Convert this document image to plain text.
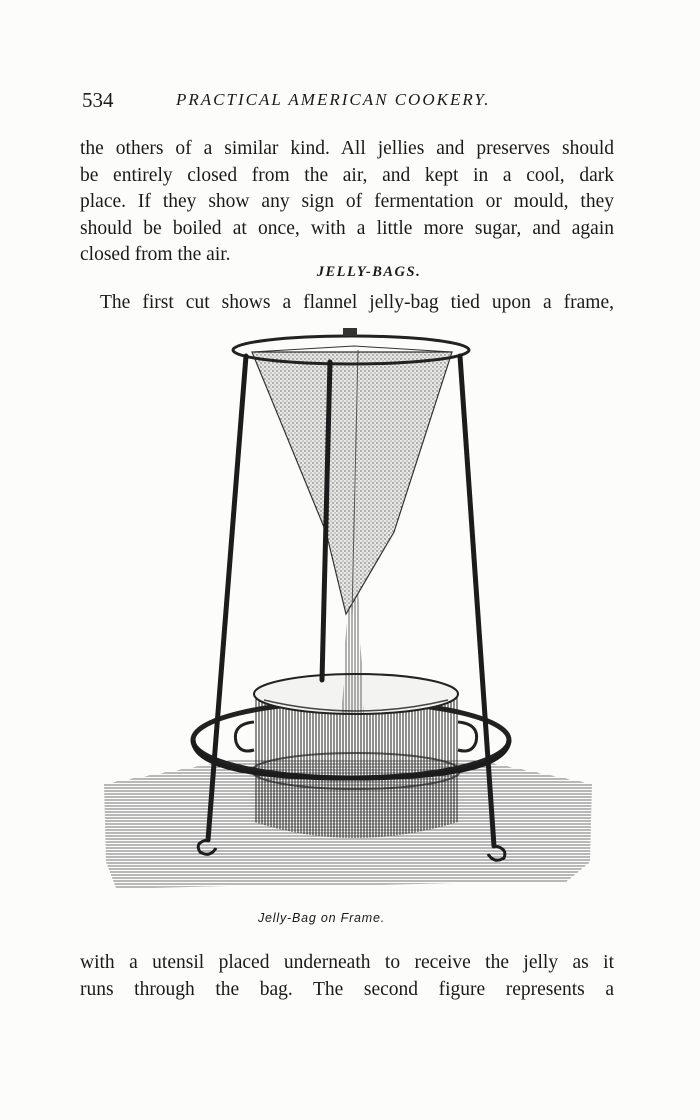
534	PRACTICAL AMERICAN COOKERY.
the others of a similar kind. All jellies and preserves should
be entirely closed from the air, and kept in a cool, dark
place. If they show any sign of fermentation or mould, they
should be boiled at once, with a little more sugar, and again
closed from the air.
JELLY-BAGS.
The first cut shows a flannel jelly-bag tied upon a frame,
Jelly-Bag on Frame.
with a utensil placed underneath to receive the jelly as it
runs through the bag. The second figure represents a
